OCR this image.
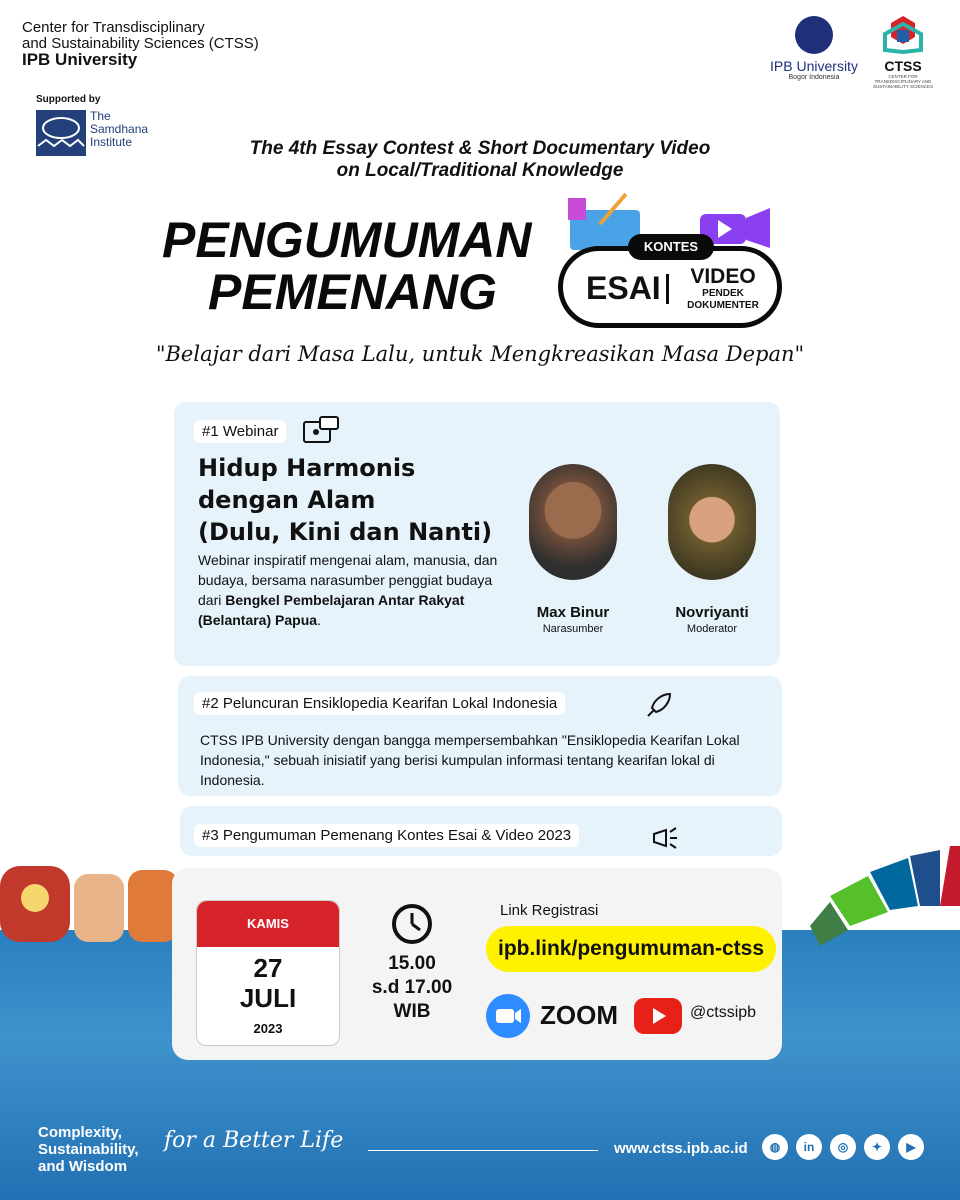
Center for Transdisciplinary
and Sustainability Sciences (CTSS)
IPB University
Supported by
The
Samdhana
Institute
IPB University
Bogor Indonesia
CTSS
CENTER FOR TRANSDISCIPLINARY AND SUSTAINABILITY SCIENCES
The 4th Essay Contest & Short Documentary Video
on Local/Traditional Knowledge
PENGUMUMAN
PEMENANG
KONTES
ESAI	VIDEO
PENDEK
DOKUMENTER
"Belajar dari Masa Lalu, untuk Mengkreasikan Masa Depan"
#1 Webinar
Hidup Harmonis
dengan Alam
(Dulu, Kini dan Nanti)
Webinar inspiratif mengenai alam, manusia, dan budaya, bersama narasumber penggiat budaya dari Bengkel Pembelajaran Antar Rakyat (Belantara) Papua.	Max Binur
Narasumber
Novriyanti
Moderator
#2 Peluncuran Ensiklopedia Kearifan Lokal Indonesia
CTSS IPB University dengan bangga mempersembahkan "Ensiklopedia Kearifan Lokal Indonesia," sebuah inisiatif yang berisi kumpulan informasi tentang kearifan lokal di Indonesia.
#3 Pengumuman Pemenang Kontes Esai & Video 2023
KAMIS
27
JULI
2023
15.00
s.d 17.00
WIB
Link Registrasi
ipb.link/pengumuman-ctss
ZOOM	@ctssipb
Complexity,
Sustainability,
and Wisdom
for a Better Life	www.ctss.ipb.ac.id	◍	in	◎	✦	▶
